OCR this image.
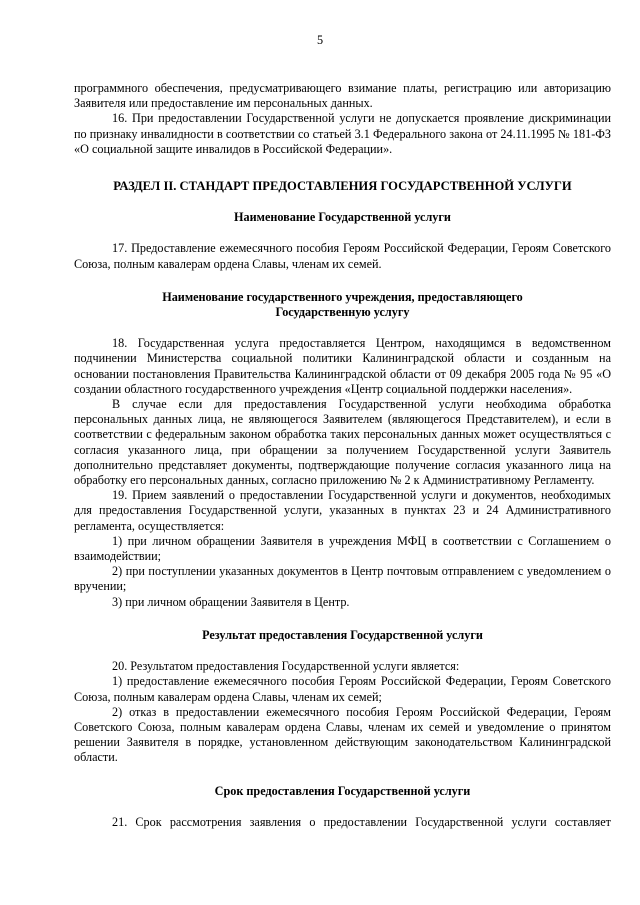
5

программного обеспечения, предусматривающего взимание платы, регистрацию или авторизацию Заявителя или предоставление им персональных данных.

16. При предоставлении Государственной услуги не допускается проявление дискриминации по признаку инвалидности в соответствии со статьей 3.1 Федерального закона от 24.11.1995 № 181-ФЗ «О социальной защите инвалидов в Российской Федерации».

РАЗДЕЛ II. СТАНДАРТ ПРЕДОСТАВЛЕНИЯ ГОСУДАРСТВЕННОЙ УСЛУГИ
Наименование Государственной услуги

17. Предоставление ежемесячного пособия Героям Российской Федерации, Героям Советского Союза, полным кавалерам ордена Славы, членам их семей.

Наименование государственного учреждения, предоставляющего
Государственную услугу

18. Государственная услуга предоставляется Центром, находящимся в ведомственном подчинении Министерства социальной политики Калининградской области и созданным на основании постановления Правительства Калининградской области от 09 декабря 2005 года № 95 «О создании областного государственного учреждения «Центр социальной поддержки населения».

В случае если для предоставления Государственной услуги необходима обработка персональных данных лица, не являющегося Заявителем (являющегося Представителем), и если в соответствии с федеральным законом обработка таких персональных данных может осуществляться с согласия указанного лица, при обращении за получением Государственной услуги Заявитель дополнительно представляет документы, подтверждающие получение согласия указанного лица на обработку его персональных данных, согласно приложению № 2 к Административному Регламенту.

19. Прием заявлений о предоставлении Государственной услуги и документов, необходимых для предоставления Государственной услуги, указанных в пунктах 23 и 24 Административного регламента, осуществляется:

1) при личном обращении Заявителя в учреждения МФЦ в соответствии с Соглашением о взаимодействии;

2) при поступлении указанных документов в Центр почтовым отправлением с уведомлением о вручении;

3) при личном обращении Заявителя в Центр.

Результат предоставления Государственной услуги

20. Результатом предоставления Государственной услуги является:

1) предоставление ежемесячного пособия Героям Российской Федерации, Героям Советского Союза, полным кавалерам ордена Славы, членам их семей;

2) отказ в предоставлении ежемесячного пособия Героям Российской Федерации, Героям Советского Союза, полным кавалерам ордена Славы, членам их семей и уведомление о принятом решении Заявителя в порядке, установленном действующим законодательством Калининградской области.

Срок предоставления Государственной услуги

21. Срок рассмотрения заявления о предоставлении Государственной услуги составляет
